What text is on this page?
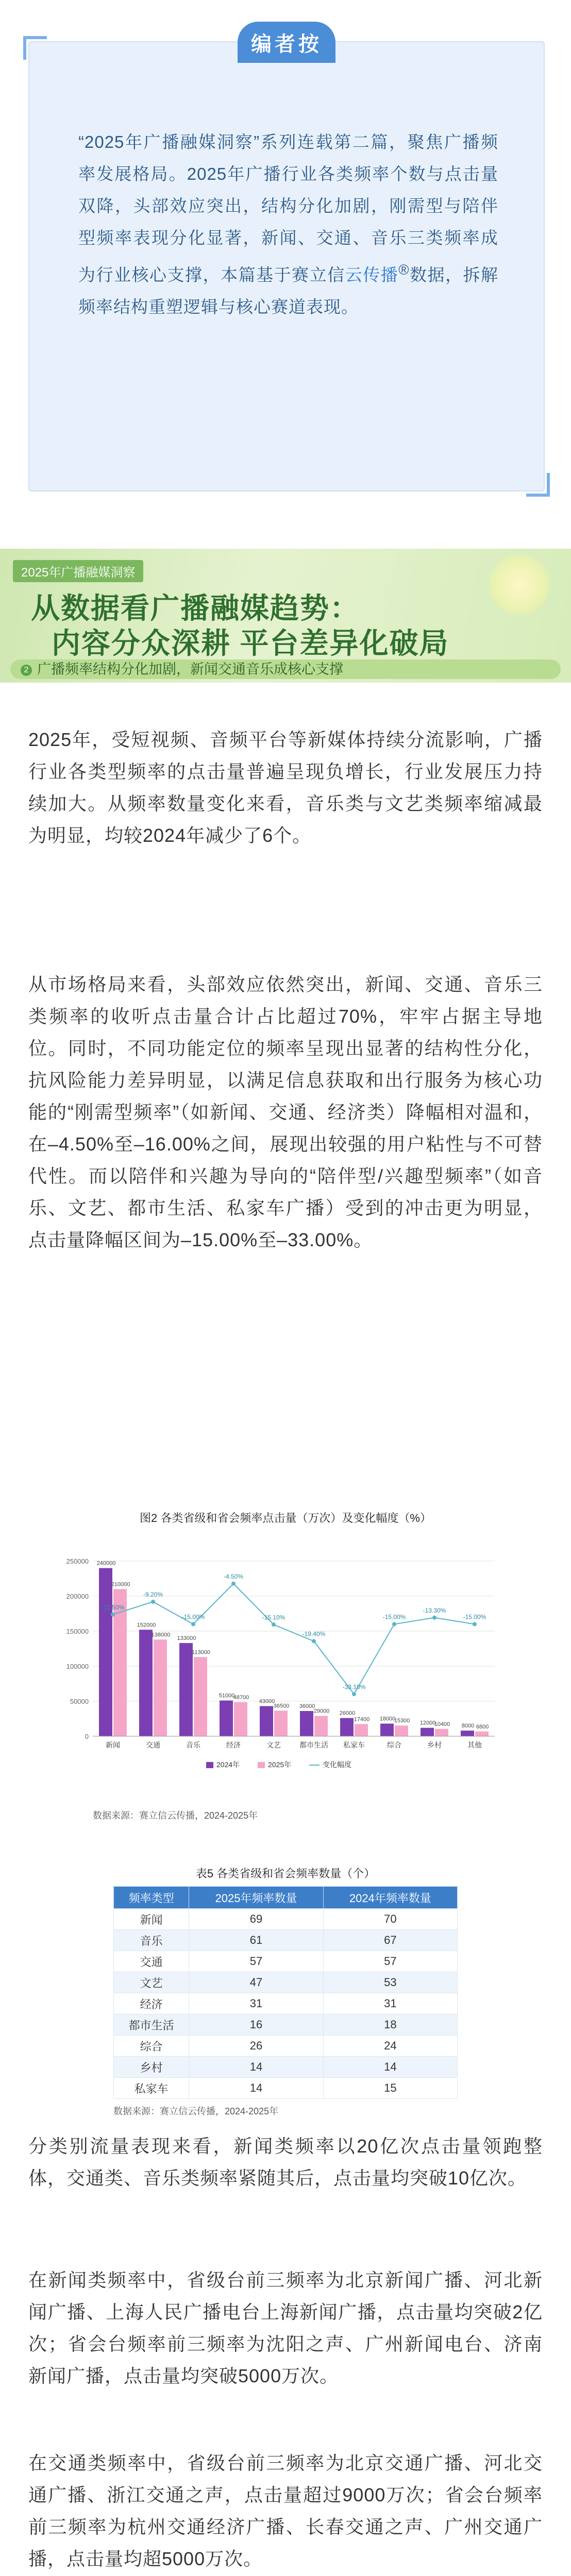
编者按

“2025年广播融媒洞察”系列连载第二篇，聚焦广播频率发展格局。2025年广播行业各类频率个数与点击量双降，头部效应突出，结构分化加剧，刚需型与陪伴型频率表现分化显著，新闻、交通、音乐三类频率成为行业核心支撑，本篇基于赛立信云传播®数据，拆解频率结构重塑逻辑与核心赛道表现。

2025年广播融媒洞察
从数据看广播融媒趋势：
内容分众深耕 平台差异化破局
2 广播频率结构分化加剧，新闻交通音乐成核心支撑

2025年，受短视频、音频平台等新媒体持续分流影响，广播行业各类型频率的点击量普遍呈现负增长，行业发展压力持续加大。从频率数量变化来看，音乐类与文艺类频率缩减最为明显，均较2024年减少了6个。

从市场格局来看，头部效应依然突出，新闻、交通、音乐三类频率的收听点击量合计占比超过70%，牢牢占据主导地位。同时，不同功能定位的频率呈现出显著的结构性分化，抗风险能力差异明显，以满足信息获取和出行服务为核心功能的“刚需型频率”（如新闻、交通、经济类）降幅相对温和，在–4.50%至–16.00%之间，展现出较强的用户粘性与不可替代性。而以陪伴和兴趣为导向的“陪伴型/兴趣型频率”（如音乐、文艺、都市生活、私家车广播）受到的冲击更为明显，点击量降幅区间为–15.00%至–33.00%。

图2 各类省级和省会频率点击量（万次）及变化幅度（%）
0
50000
100000
150000
200000
250000 240000
210000
新闻
152000
138000
交通
133000
113000
音乐
51000
48700
经济
43000
36500
文艺
36000
29000
都市生活
26000
17400
私家车
18000
15300
综合
12000
10400
乡村
8000 6800
其他
-12.50%
-9.20%
-15.00%
-4.50%
-15.10%
-19.40%
-33.10%
-15.00%
-13.30%
-15.00%
2024年	2025年	变化幅度
数据来源：赛立信云传播，2024-2025年
表5 各类省级和省会频率数量（个）
频率类型	2025年频率数量	2024年频率数量
新闻	69	70
音乐	61	67
交通	57	57
文艺	47	53
经济	31	31
都市生活	16	18
综合	26	24
乡村	14	14
私家车	14	15
数据来源：赛立信云传播，2024-2025年

分类别流量表现来看，新闻类频率以20亿次点击量领跑整体，交通类、音乐类频率紧随其后，点击量均突破10亿次。

在新闻类频率中，省级台前三频率为北京新闻广播、河北新闻广播、上海人民广播电台上海新闻广播，点击量均突破2亿次；省会台频率前三频率为沈阳之声、广州新闻电台、济南新闻广播，点击量均突破5000万次。

在交通类频率中，省级台前三频率为北京交通广播、河北交通广播、浙江交通之声，点击量超过9000万次；省会台频率前三频率为杭州交通经济广播、长春交通之声、广州交通广播，点击量均超5000万次。
